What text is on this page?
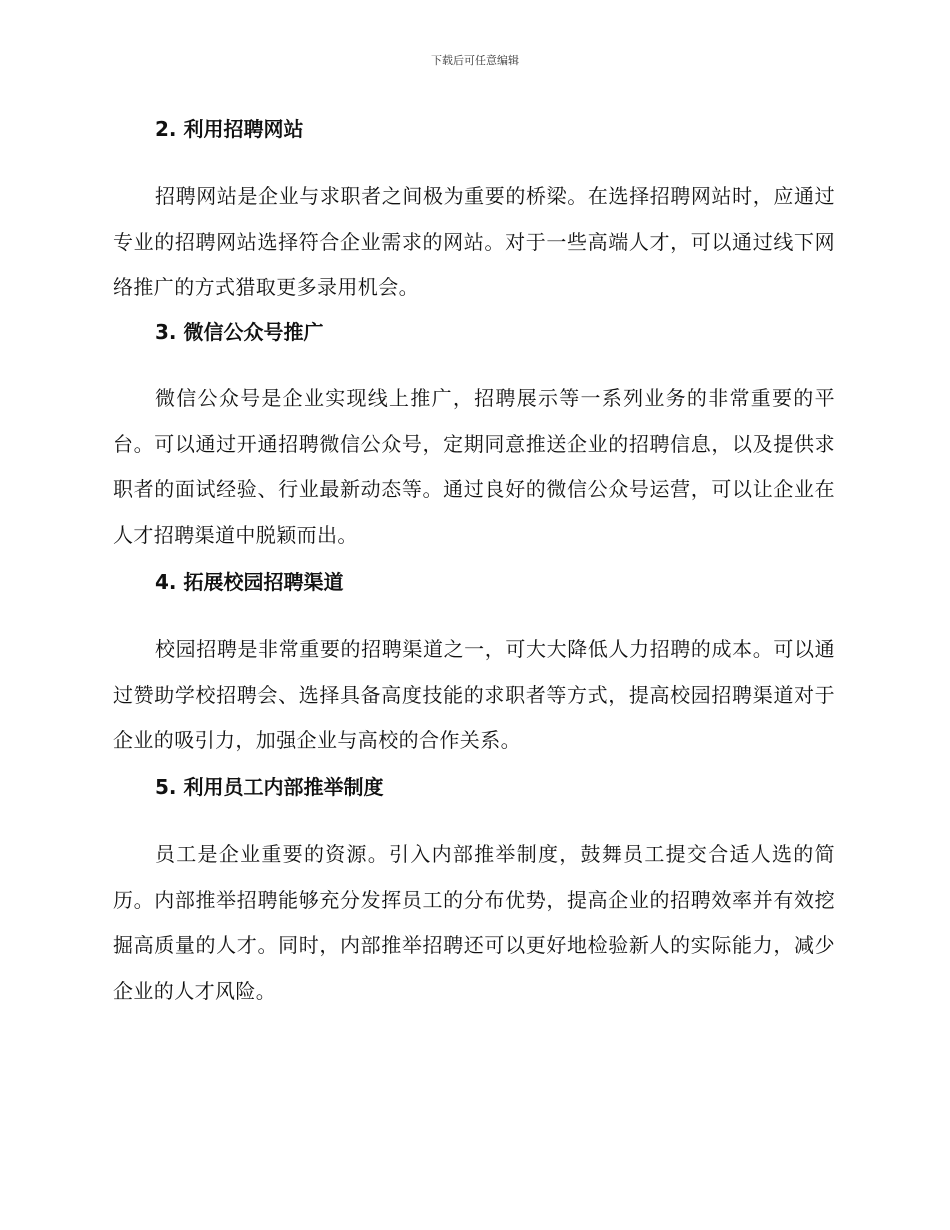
下载后可任意编辑
2. 利用招聘网站

招聘网站是企业与求职者之间极为重要的桥梁。在选择招聘网站时，应通过专业的招聘网站选择符合企业需求的网站。对于一些高端人才，可以通过线下网络推广的方式猎取更多录用机会。

3. 微信公众号推广

微信公众号是企业实现线上推广，招聘展示等一系列业务的非常重要的平台。可以通过开通招聘微信公众号，定期同意推送企业的招聘信息，以及提供求职者的面试经验、行业最新动态等。通过良好的微信公众号运营，可以让企业在人才招聘渠道中脱颖而出。

4. 拓展校园招聘渠道

校园招聘是非常重要的招聘渠道之一，可大大降低人力招聘的成本。可以通过赞助学校招聘会、选择具备高度技能的求职者等方式，提高校园招聘渠道对于企业的吸引力，加强企业与高校的合作关系。

5. 利用员工内部推举制度

员工是企业重要的资源。引入内部推举制度，鼓舞员工提交合适人选的简历。内部推举招聘能够充分发挥员工的分布优势，提高企业的招聘效率并有效挖掘高质量的人才。同时，内部推举招聘还可以更好地检验新人的实际能力，减少企业的人才风险。
